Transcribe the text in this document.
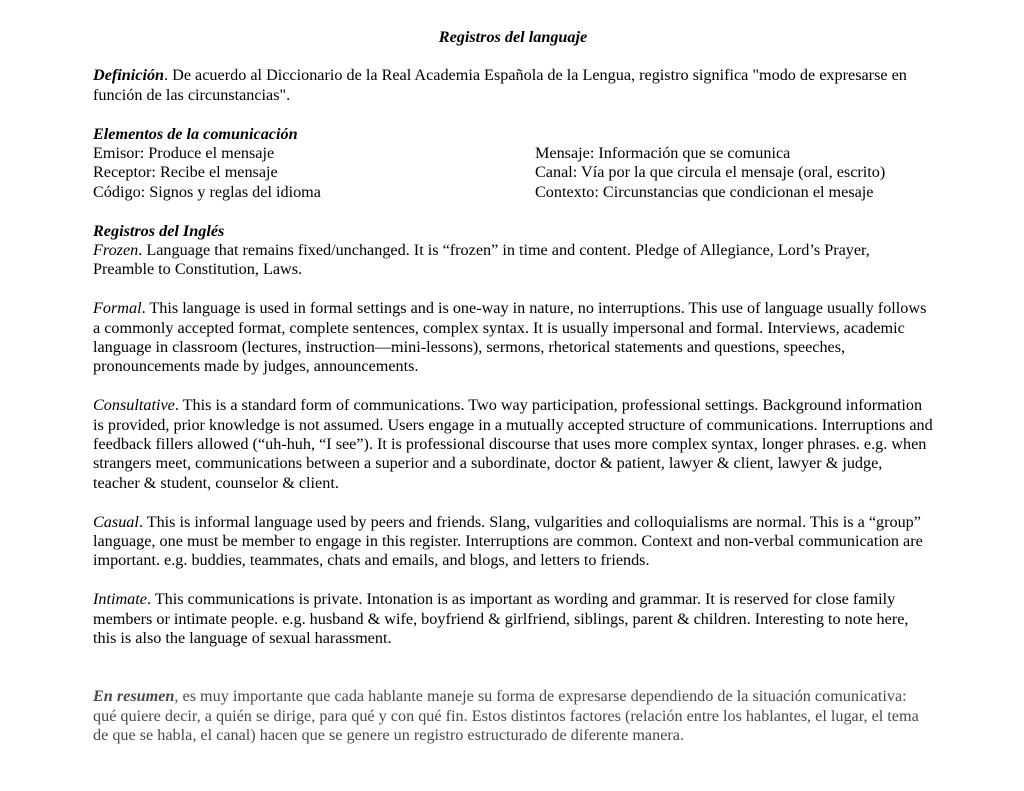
Registros del languaje

Definición. De acuerdo al Diccionario de la Real Academia Española de la Lengua, registro significa "modo de expresarse en función de las circunstancias".

Elementos de la comunicación
Emisor: Produce el mensaje
Receptor: Recibe el mensaje
Código: Signos y reglas del idioma
Mensaje: Información que se comunica
Canal: Vía por la que circula el mensaje (oral, escrito)
Contexto: Circunstancias que condicionan el mesaje
Registros del Inglés

Frozen. Language that remains fixed/unchanged. It is “frozen” in time and content. Pledge of Allegiance, Lord’s Prayer, Preamble to Constitution, Laws.

Formal. This language is used in formal settings and is one-way in nature, no interruptions. This use of language usually follows a commonly accepted format, complete sentences, complex syntax. It is usually impersonal and formal. Interviews, academic language in classroom (lectures, instruction—mini-lessons), sermons, rhetorical statements and questions, speeches, pronouncements made by judges, announcements.

Consultative. This is a standard form of communications. Two way participation, professional settings. Background information is provided, prior knowledge is not assumed. Users engage in a mutually accepted structure of communications. Interruptions and feedback fillers allowed (“uh-huh, “I see”). It is professional discourse that uses more complex syntax, longer phrases. e.g. when strangers meet, communications between a superior and a subordinate, doctor & patient, lawyer & client, lawyer & judge, teacher & student, counselor & client.

Casual. This is informal language used by peers and friends. Slang, vulgarities and colloquialisms are normal. This is a “group” language, one must be member to engage in this register. Interruptions are common. Context and non-verbal communication are important. e.g. buddies, teammates, chats and emails, and blogs, and letters to friends.

Intimate. This communications is private. Intonation is as important as wording and grammar. It is reserved for close family members or intimate people. e.g. husband & wife, boyfriend & girlfriend, siblings, parent & children. Interesting to note here, this is also the language of sexual harassment.

En resumen, es muy importante que cada hablante maneje su forma de expresarse dependiendo de la situación comunicativa: qué quiere decir, a quién se dirige, para qué y con qué fin. Estos distintos factores (relación entre los hablantes, el lugar, el tema de que se habla, el canal) hacen que se genere un registro estructurado de diferente manera.
